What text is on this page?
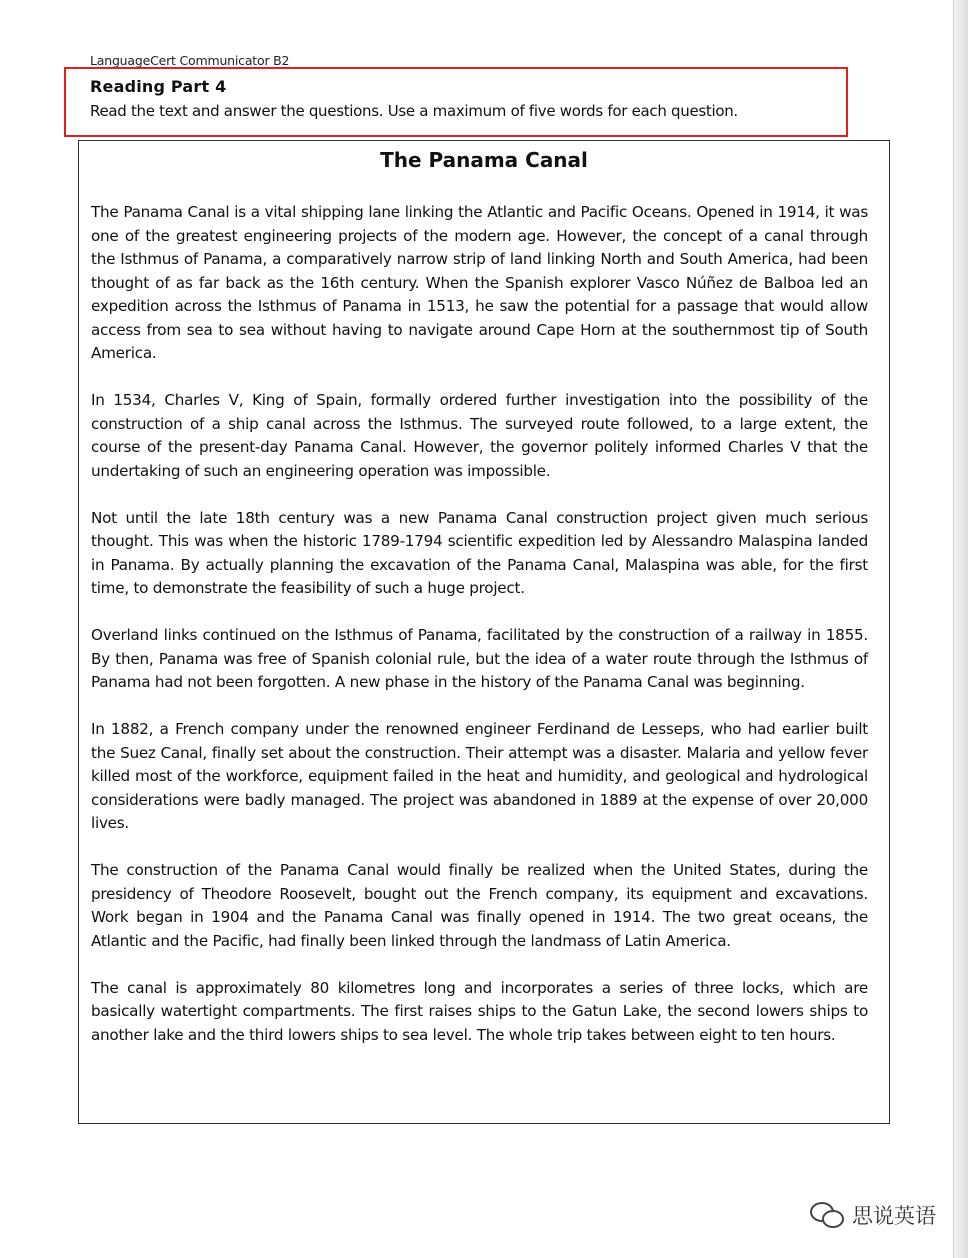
LanguageCert Communicator B2
Reading Part 4
Read the text and answer the questions. Use a maximum of five words for each question.
The Panama Canal

The Panama Canal is a vital shipping lane linking the Atlantic and Pacific Oceans. Opened in 1914, it was one of the greatest engineering projects of the modern age. However, the concept of a canal through the Isthmus of Panama, a comparatively narrow strip of land linking North and South America, had been thought of as far back as the 16th century. When the Spanish explorer Vasco Núñez de Balboa led an expedition across the Isthmus of Panama in 1513, he saw the potential for a passage that would allow access from sea to sea without having to navigate around Cape Horn at the southernmost tip of South America.

In 1534, Charles V, King of Spain, formally ordered further investigation into the possibility of the construction of a ship canal across the Isthmus. The surveyed route followed, to a large extent, the course of the present-day Panama Canal. However, the governor politely informed Charles V that the undertaking of such an engineering operation was impossible.

Not until the late 18th century was a new Panama Canal construction project given much serious thought. This was when the historic 1789-1794 scientific expedition led by Alessandro Malaspina landed in Panama. By actually planning the excavation of the Panama Canal, Malaspina was able, for the first time, to demonstrate the feasibility of such a huge project.

Overland links continued on the Isthmus of Panama, facilitated by the construction of a railway in 1855. By then, Panama was free of Spanish colonial rule, but the idea of a water route through the Isthmus of Panama had not been forgotten. A new phase in the history of the Panama Canal was beginning.

In 1882, a French company under the renowned engineer Ferdinand de Lesseps, who had earlier built the Suez Canal, finally set about the construction. Their attempt was a disaster. Malaria and yellow fever killed most of the workforce, equipment failed in the heat and humidity, and geological and hydrological considerations were badly managed. The project was abandoned in 1889 at the expense of over 20,000 lives.

The construction of the Panama Canal would finally be realized when the United States, during the presidency of Theodore Roosevelt, bought out the French company, its equipment and excavations. Work began in 1904 and the Panama Canal was finally opened in 1914. The two great oceans, the Atlantic and the Pacific, had finally been linked through the landmass of Latin America.

The canal is approximately 80 kilometres long and incorporates a series of three locks, which are basically watertight compartments. The first raises ships to the Gatun Lake, the second lowers ships to another lake and the third lowers ships to sea level. The whole trip takes between eight to ten hours.

思说英语
